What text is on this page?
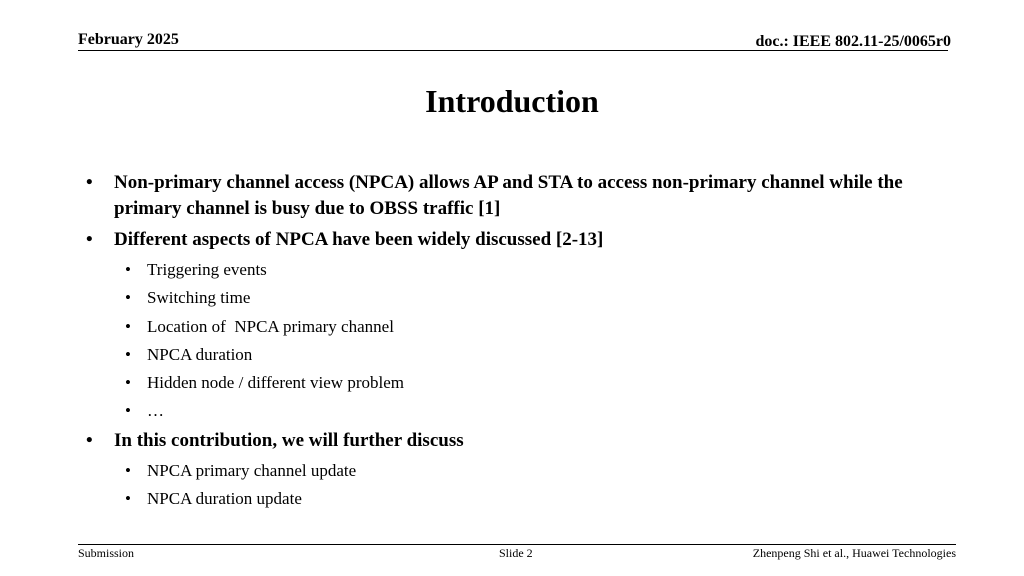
February 2025	doc.: IEEE 802.11-25/0065r0
Introduction
• Non-primary channel access (NPCA) allows AP and STA to access non-primary channel while the primary channel is busy due to OBSS traffic [1]
• Different aspects of NPCA have been widely discussed [2-13]
• Triggering events
• Switching time
• Location of  NPCA primary channel
• NPCA duration
• Hidden node / different view problem
• …
• In this contribution, we will further discuss
• NPCA primary channel update
• NPCA duration update
Submission	Slide 2	Zhenpeng Shi et al., Huawei Technologies
